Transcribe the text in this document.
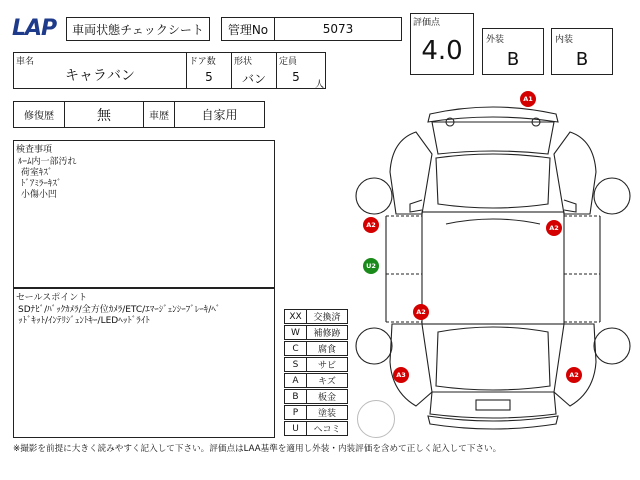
LAP	車両状態チェックシート	管理No	5073	評価点
4.0	外装
B
内装
B
車名
キャラバン
ドア数
5
形状
バン
定員
5
人
修復歴	無	車歴	自家用
検査事項
ﾙｰﾑ内一部汚れ
荷室ｷｽﾞ
ﾄﾞｱﾐﾗｰｷｽﾞ
小傷小凹
セールスポイント
SDﾅﾋﾞ/ﾊﾞｯｸｶﾒﾗ/全方位ｶﾒﾗ/ETC/ｴﾏｰｼﾞｪﾝｼｰﾌﾞﾚｰｷ/ﾍﾞ
ｯﾄﾞｷｯﾄ/ｲﾝﾃﾘｼﾞｪﾝﾄｷｰ/LEDﾍｯﾄﾞﾗｲﾄ	XX	交換済
W	補修跡
C	腐食
S	サビ
A	キズ
B	板金
P	塗装
U	ヘコミ
A1
A2	A2
U2
A2
A3	A2
※撮影を前提に大きく読みやすく記入して下さい。評価点はLAA基準を適用し外装・内装評価を含めて正しく記入して下さい。
